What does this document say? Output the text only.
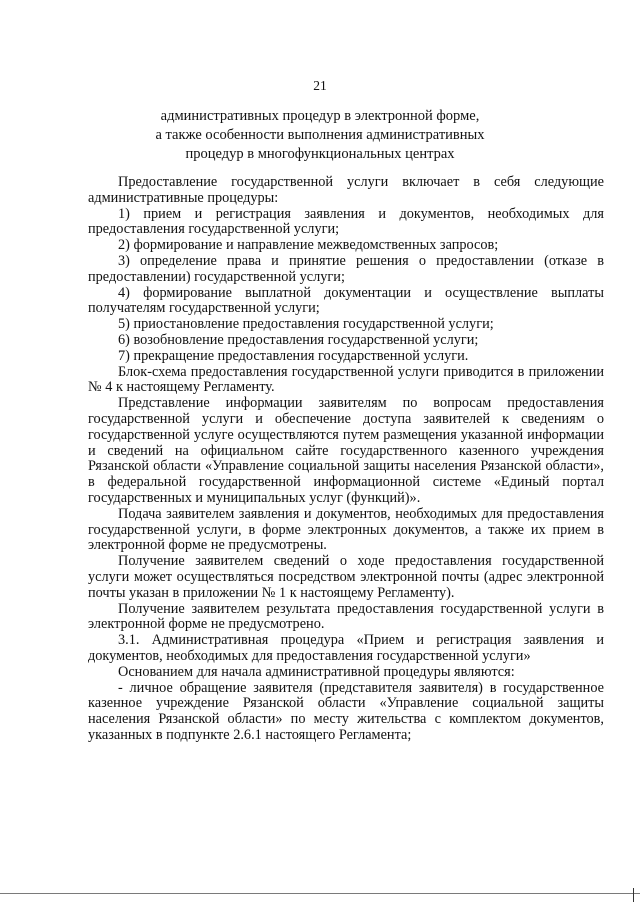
21
административных процедур в электронной форме,
а также особенности выполнения административных
процедур в многофункциональных центрах

Предоставление государственной услуги включает в себя следующие административные процедуры:

1) прием и регистрация заявления и документов, необходимых для предоставления государственной услуги;

2) формирование и направление межведомственных запросов;

3) определение права и принятие решения о предоставлении (отказе в предоставлении) государственной услуги;

4) формирование выплатной документации и осуществление выплаты получателям государственной услуги;

5) приостановление предоставления государственной услуги;

6) возобновление предоставления государственной услуги;

7) прекращение предоставления государственной услуги.

Блок-схема предоставления государственной услуги приводится в приложении № 4 к настоящему Регламенту.

Представление информации заявителям по вопросам предоставления государственной услуги и обеспечение доступа заявителей к сведениям о государственной услуге осуществляются путем размещения указанной информации и сведений на официальном сайте государственного казенного учреждения Рязанской области «Управление социальной защиты населения Рязанской области», в федеральной государственной информационной системе «Единый портал государственных и муниципальных услуг (функций)».

Подача заявителем заявления и документов, необходимых для предоставления государственной услуги, в форме электронных документов, а также их прием в электронной форме не предусмотрены.

Получение заявителем сведений о ходе предоставления государственной услуги может осуществляться посредством электронной почты (адрес электронной почты указан в приложении № 1 к настоящему Регламенту).

Получение заявителем результата предоставления государственной услуги в электронной форме не предусмотрено.

3.1. Административная процедура «Прием и регистрация заявления и документов, необходимых для предоставления государственной услуги»

Основанием для начала административной процедуры являются:

- личное обращение заявителя (представителя заявителя) в государственное казенное учреждение Рязанской области «Управление социальной защиты населения Рязанской области» по месту жительства с комплектом документов, указанных в подпункте 2.6.1 настоящего Регламента;
